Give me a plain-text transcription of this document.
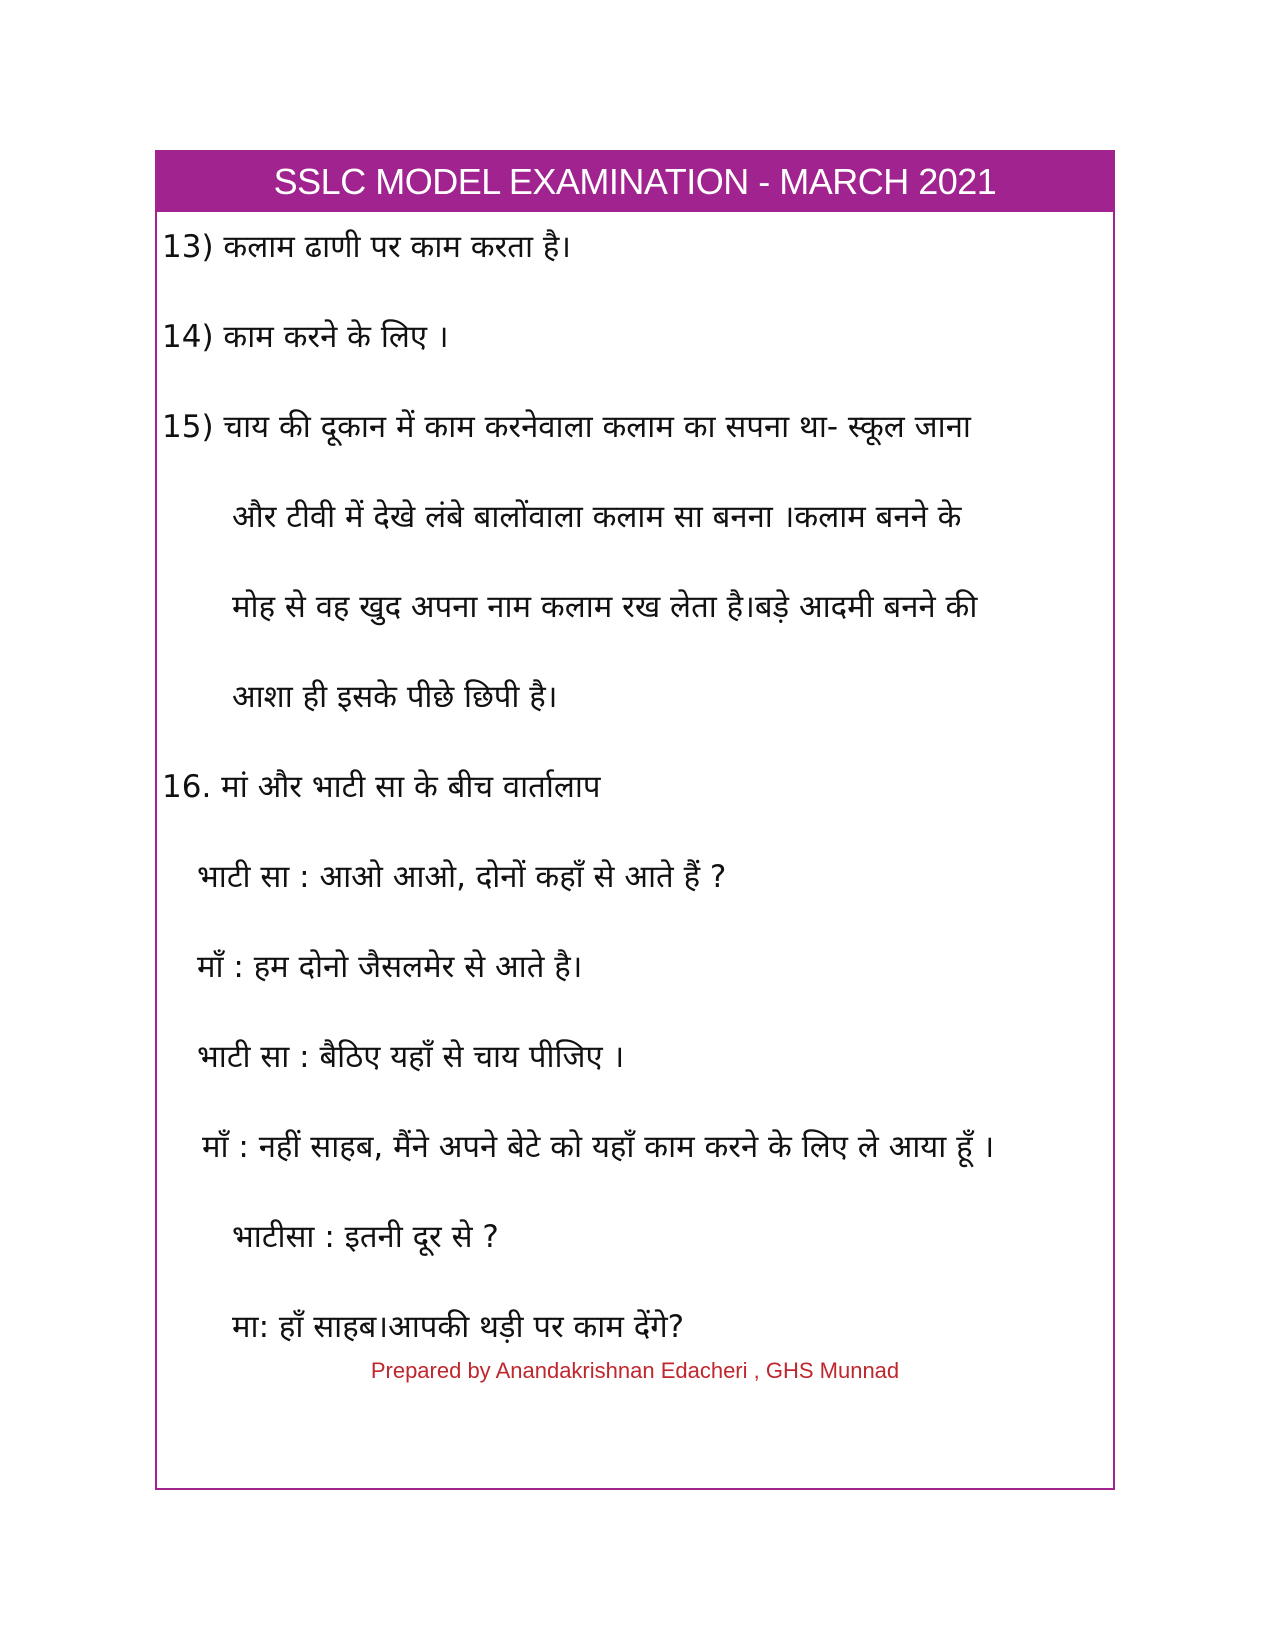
SSLC MODEL EXAMINATION - MARCH 2021
13) कलाम ढाणी पर काम करता है।
14) काम करने के लिए ।
15) चाय की दूकान में काम करनेवाला कलाम का सपना था- स्कूल जाना
और टीवी में देखे लंबे बालोंवाला कलाम सा बनना ।कलाम बनने के
मोह से वह खुद अपना नाम कलाम रख लेता है।बड़े आदमी बनने की
आशा ही इसके पीछे छिपी है।
16. मां और भाटी सा के बीच वार्तालाप
भाटी सा : आओ आओ, दोनों कहाँ से आते हैं ?
माँ : हम दोनो जैसलमेर से आते है।
भाटी सा : बैठिए यहाँ से चाय पीजिए ।
माँ : नहीं साहब, मैंने अपने बेटे को यहाँ काम करने के लिए ले आया हूँ ।
भाटीसा : इतनी दूर से ?
मा: हाँ साहब।आपकी थड़ी पर काम देंगे?
Prepared by Anandakrishnan Edacheri , GHS Munnad
